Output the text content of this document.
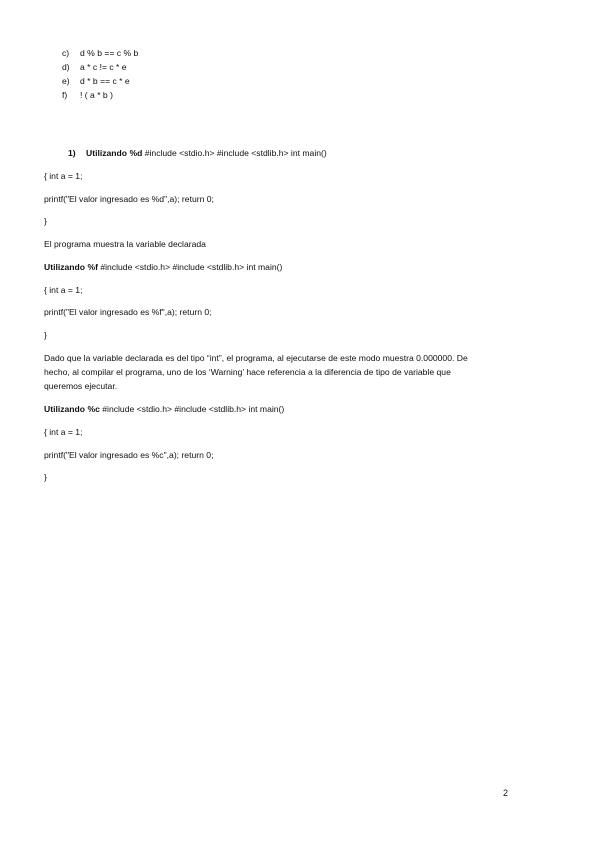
c) d % b == c % b
d) a * c != c * e
e) d * b == c * e
f) ! ( a * b )
1) Utilizando %d #include <stdio.h> #include <stdlib.h> int main()
{ int a = 1;
printf("El valor ingresado es %d",a); return 0;
}
El programa muestra la variable declarada
Utilizando %f #include <stdio.h> #include <stdlib.h> int main()
{ int a = 1;
printf("El valor ingresado es %f",a); return 0;
}
Dado que la variable declarada es del tipo “int”, el programa, al ejecutarse de este modo muestra 0.000000. De
hecho, al compilar el programa, uno de los ‘Warning’ hace referencia a la diferencia de tipo de variable que
queremos ejecutar.
Utilizando %c #include <stdio.h> #include <stdlib.h> int main()
{ int a = 1;
printf("El valor ingresado es %c",a); return 0;
}
2
